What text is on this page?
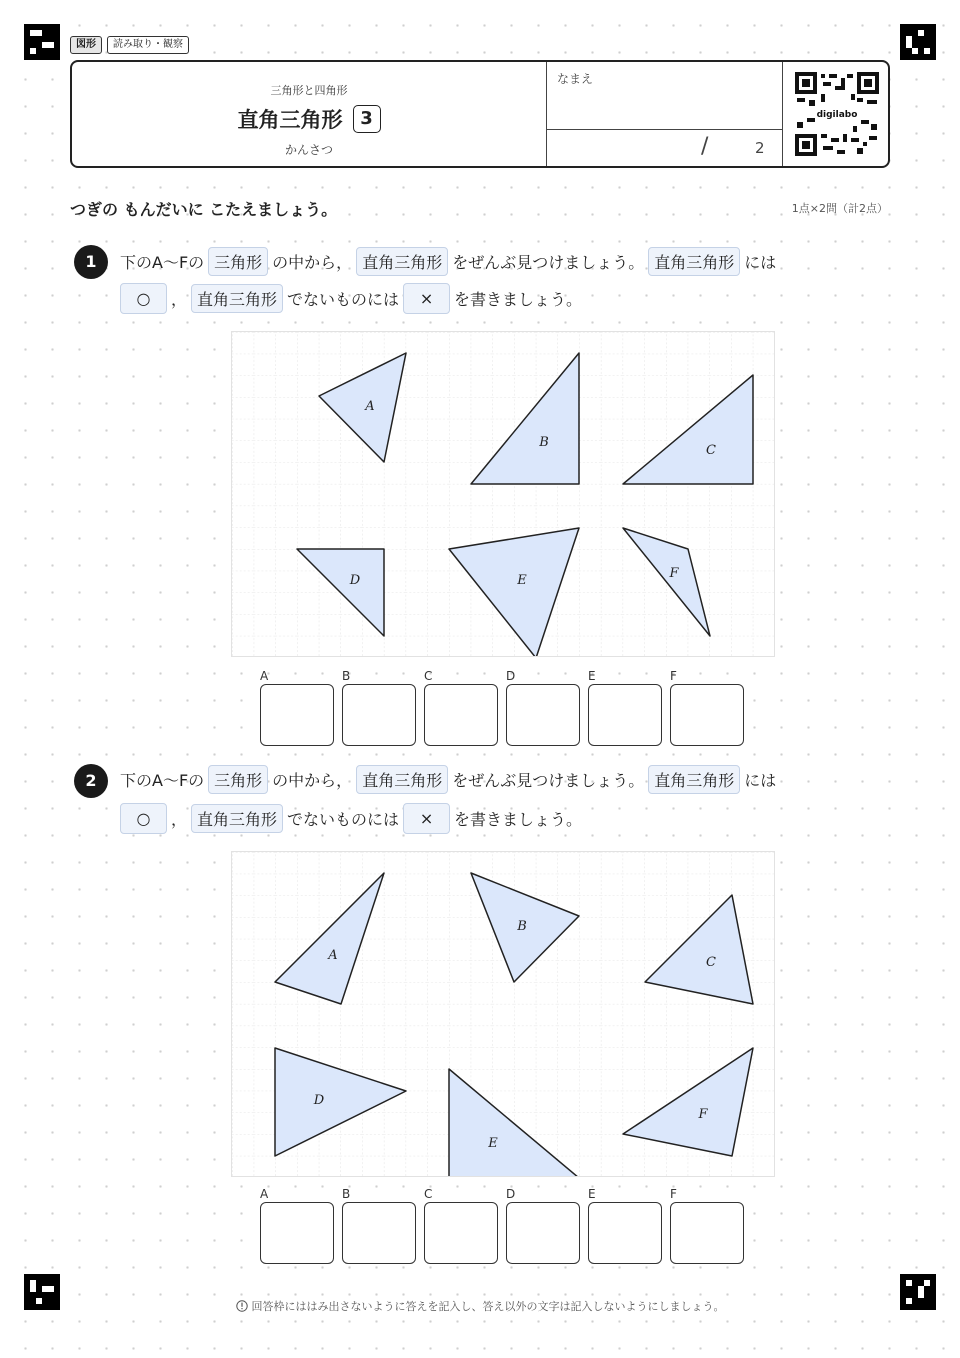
図形	読み取り・観察
三角形と四角形
直角三角形 3
かんさつ
なまえ
/	2
digilabo
つぎの もんだいに こたえましょう。	1点×2問（計2点）
1	下のA〜Fの 三角形 の中から， 直角三角形 をぜんぶ見つけましょう。 直角三角形 には
○	， 直角三角形 でないものには	×	を書きましょう。
A
B
C
D	E	F
A	B	C	D	E	F
2	下のA〜Fの 三角形 の中から， 直角三角形 をぜんぶ見つけましょう。 直角三角形 には
○	， 直角三角形 でないものには	×	を書きましょう。
A
B
C
D
E
F
A	B	C	D	E	F
回答枠にははみ出さないように答えを記入し、答え以外の文字は記入しないようにしましょう。
